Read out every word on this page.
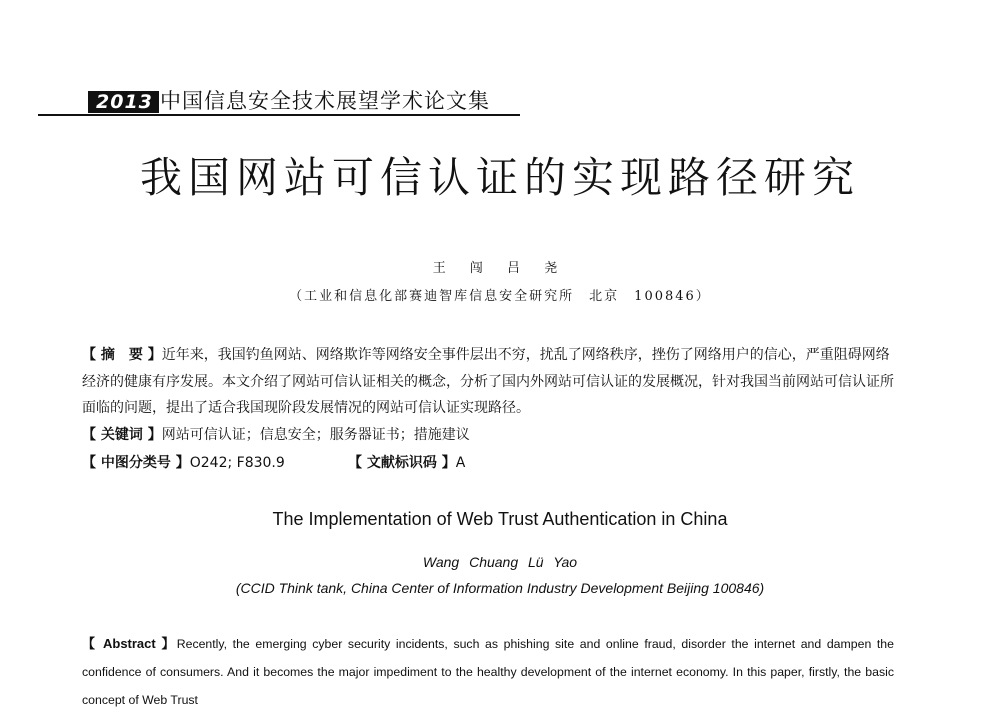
2013 中国信息安全技术展望学术论文集
我国网站可信认证的实现路径研究
王 闯 吕 尧
（工业和信息化部赛迪智库信息安全研究所　北京　100846）
【 摘　要 】近年来，我国钓鱼网站、网络欺诈等网络安全事件层出不穷，扰乱了网络秩序，挫伤了网络用户的信心，严重阻碍网络经济的健康有序发展。本文介绍了网站可信认证相关的概念，分析了国内外网站可信认证的发展概况，针对我国当前网站可信认证所面临的问题，提出了适合我国现阶段发展情况的网站可信认证实现路径。
【 关键词 】网站可信认证；信息安全；服务器证书；措施建议
【 中图分类号 】O242; F830.9	【 文献标识码 】A
The Implementation of Web Trust Authentication in China
Wang Chuang Lü Yao
(CCID Think tank, China Center of Information Industry Development Beijing 100846)
【 Abstract 】Recently, the emerging cyber security incidents, such as phishing site and online fraud, disorder the internet and dampen the confidence of consumers. And it becomes the major impediment to the healthy development of the internet economy. In this paper, firstly, the basic concept of Web Trust
